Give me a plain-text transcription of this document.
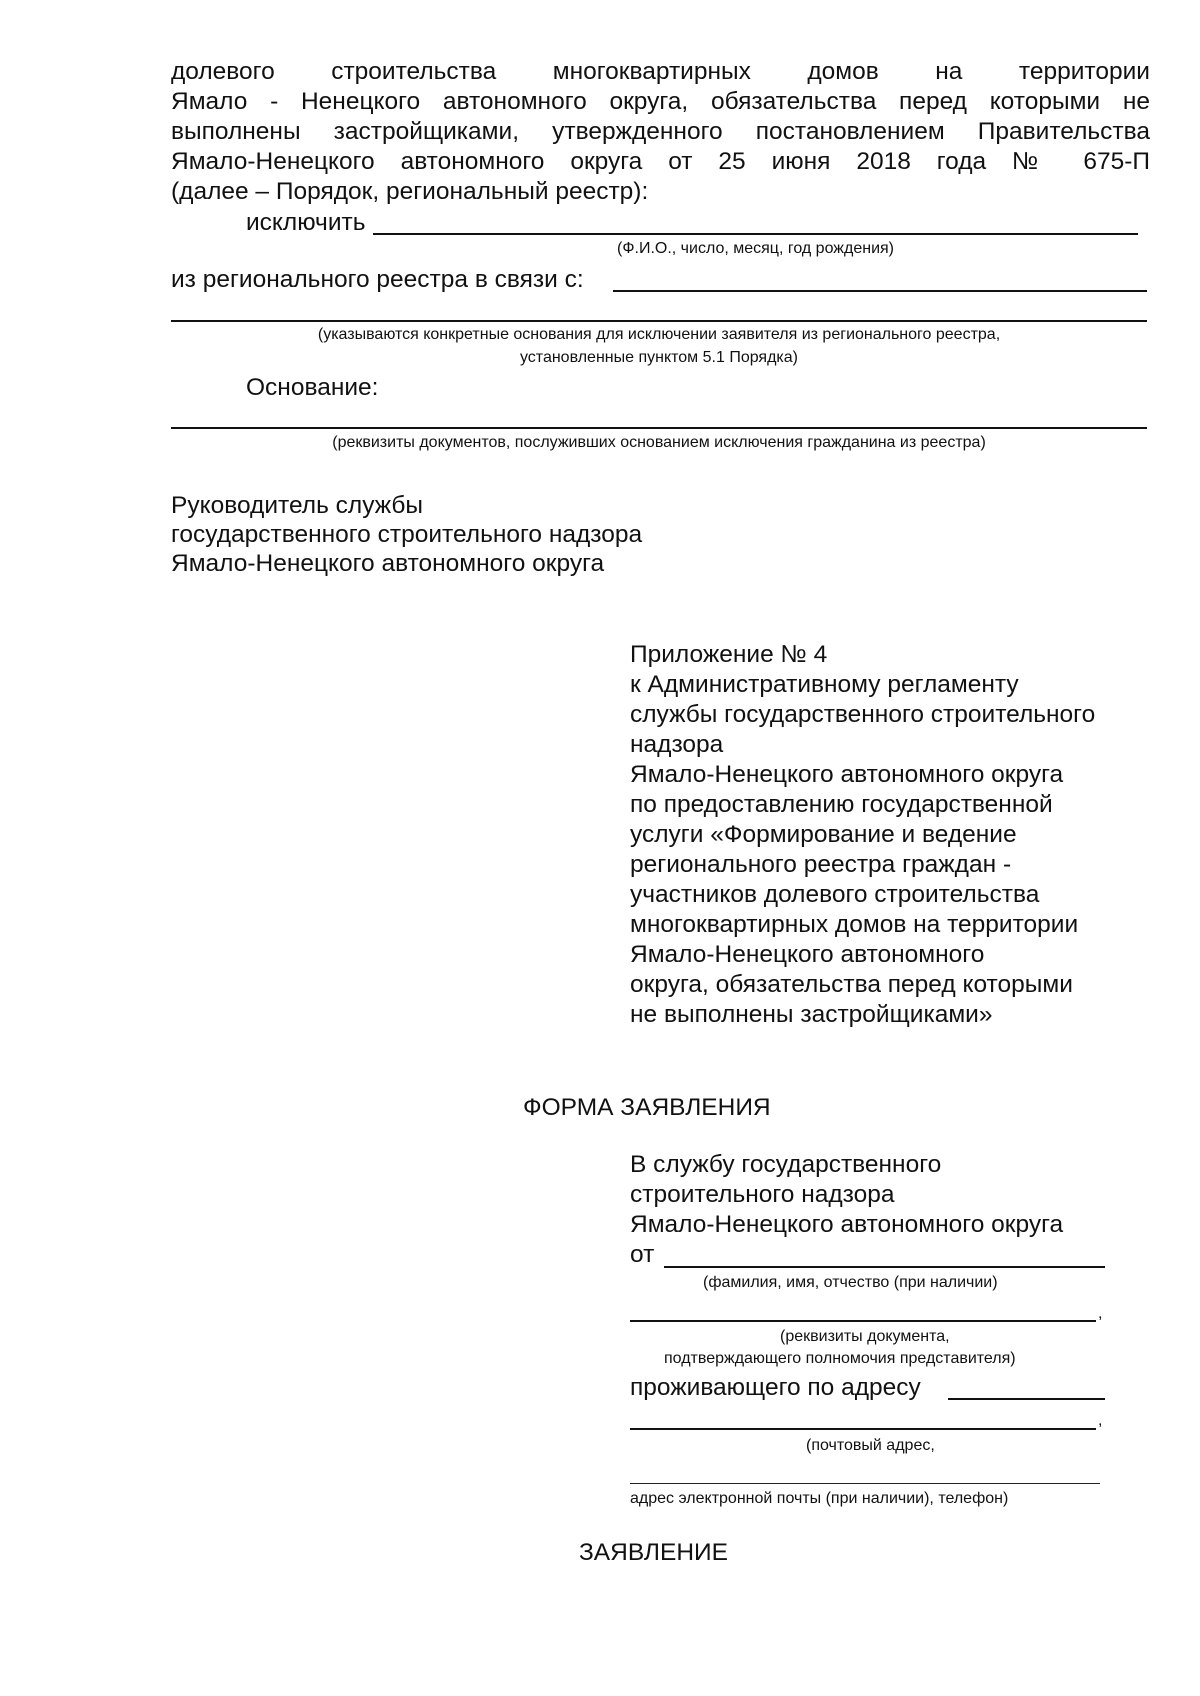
долевого строительства многоквартирных домов на территории
Ямало - Ненецкого автономного округа, обязательства перед которыми не
выполнены застройщиками, утвержденного постановлением Правительства
Ямало-Ненецкого автономного округа от 25 июня 2018 года № 675-П
(далее – Порядок, региональный реестр):
исключить
(Ф.И.О., число, месяц, год рождения)
из регионального реестра в связи с:
(указываются конкретные основания для исключении заявителя из регионального реестра,
установленные пунктом 5.1 Порядка)
Основание:
(реквизиты документов, послуживших основанием исключения гражданина из реестра)
Руководитель службы
государственного строительного надзора
Ямало-Ненецкого автономного округа
Приложение № 4
к Административному регламенту
службы государственного строительного
надзора
Ямало-Ненецкого автономного округа
по предоставлению государственной
услуги «Формирование и ведение
регионального реестра граждан -
участников долевого строительства
многоквартирных домов на территории
Ямало-Ненецкого автономного
округа, обязательства перед которыми
не выполнены застройщиками»
ФОРМА ЗАЯВЛЕНИЯ
В службу государственного
строительного надзора
Ямало-Ненецкого автономного округа
от
(фамилия, имя, отчество (при наличии)
,
(реквизиты документа,
подтверждающего полномочия представителя)
проживающего по адресу
,
(почтовый адрес,
адрес электронной почты (при наличии), телефон)
ЗАЯВЛЕНИЕ
